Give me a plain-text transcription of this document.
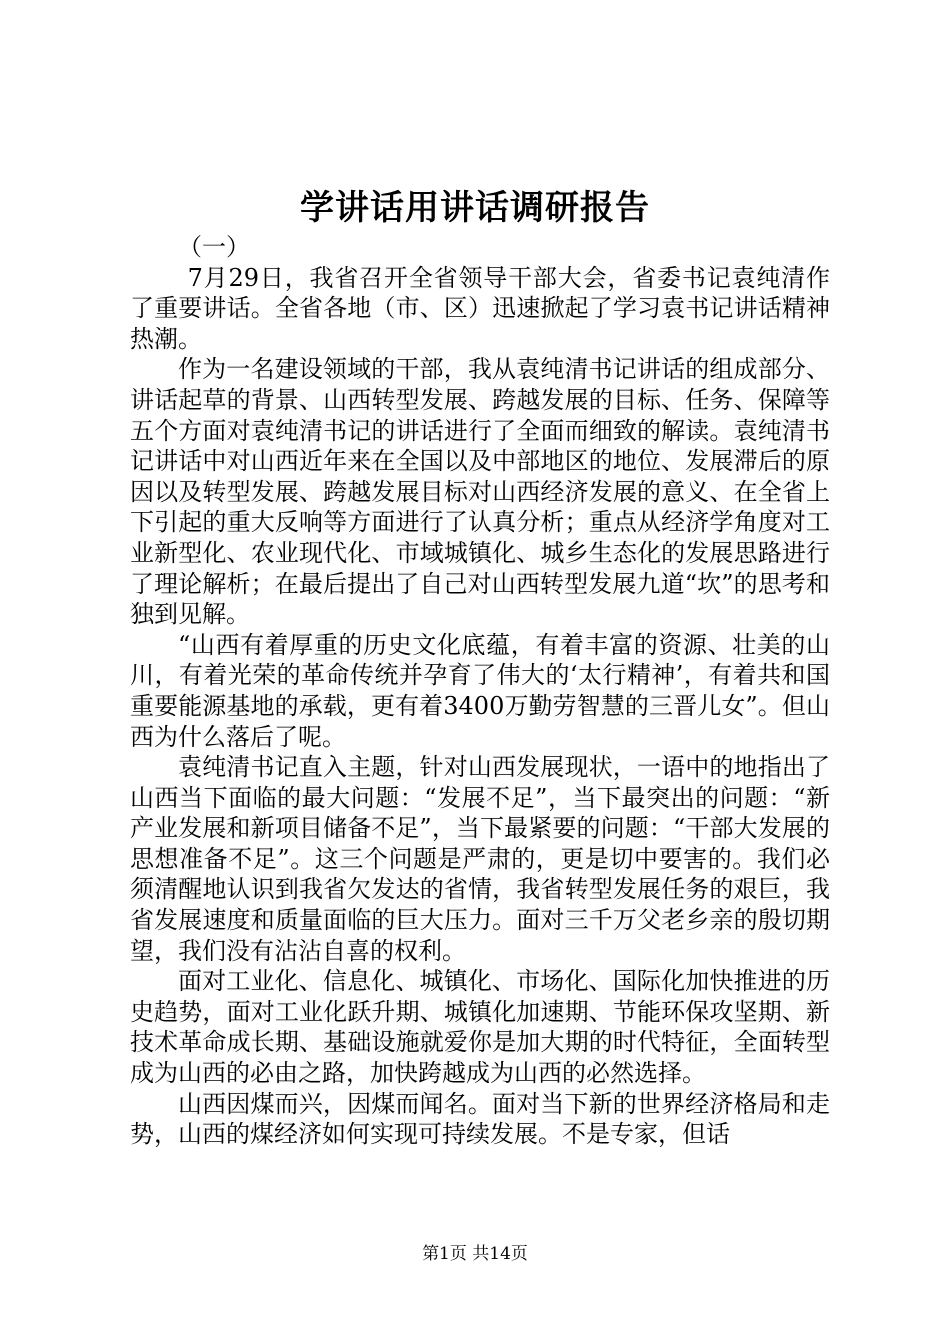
学讲话用讲话调研报告

（一）

7月29日，我省召开全省领导干部大会，省委书记袁纯清作了重要讲话。全省各地（市、区）迅速掀起了学习袁书记讲话精神热潮。

作为一名建设领域的干部，我从袁纯清书记讲话的组成部分、讲话起草的背景、山西转型发展、跨越发展的目标、任务、保障等五个方面对袁纯清书记的讲话进行了全面而细致的解读。袁纯清书记讲话中对山西近年来在全国以及中部地区的地位、发展滞后的原因以及转型发展、跨越发展目标对山西经济发展的意义、在全省上下引起的重大反响等方面进行了认真分析；重点从经济学角度对工业新型化、农业现代化、市域城镇化、城乡生态化的发展思路进行了理论解析；在最后提出了自己对山西转型发展九道“坎”的思考和独到见解。

“山西有着厚重的历史文化底蕴，有着丰富的资源、壮美的山川，有着光荣的革命传统并孕育了伟大的‘太行精神’，有着共和国重要能源基地的承载，更有着3400万勤劳智慧的三晋儿女”。但山西为什么落后了呢。

袁纯清书记直入主题，针对山西发展现状，一语中的地指出了山西当下面临的最大问题：“发展不足”，当下最突出的问题：“新产业发展和新项目储备不足”，当下最紧要的问题：“干部大发展的思想准备不足”。这三个问题是严肃的，更是切中要害的。我们必须清醒地认识到我省欠发达的省情，我省转型发展任务的艰巨，我省发展速度和质量面临的巨大压力。面对三千万父老乡亲的殷切期望，我们没有沾沾自喜的权利。

面对工业化、信息化、城镇化、市场化、国际化加快推进的历史趋势，面对工业化跃升期、城镇化加速期、节能环保攻坚期、新技术革命成长期、基础设施就爱你是加大期的时代特征，全面转型成为山西的必由之路，加快跨越成为山西的必然选择。

山西因煤而兴，因煤而闻名。面对当下新的世界经济格局和走势，山西的煤经济如何实现可持续发展。不是专家，但话

第1页 共14页
